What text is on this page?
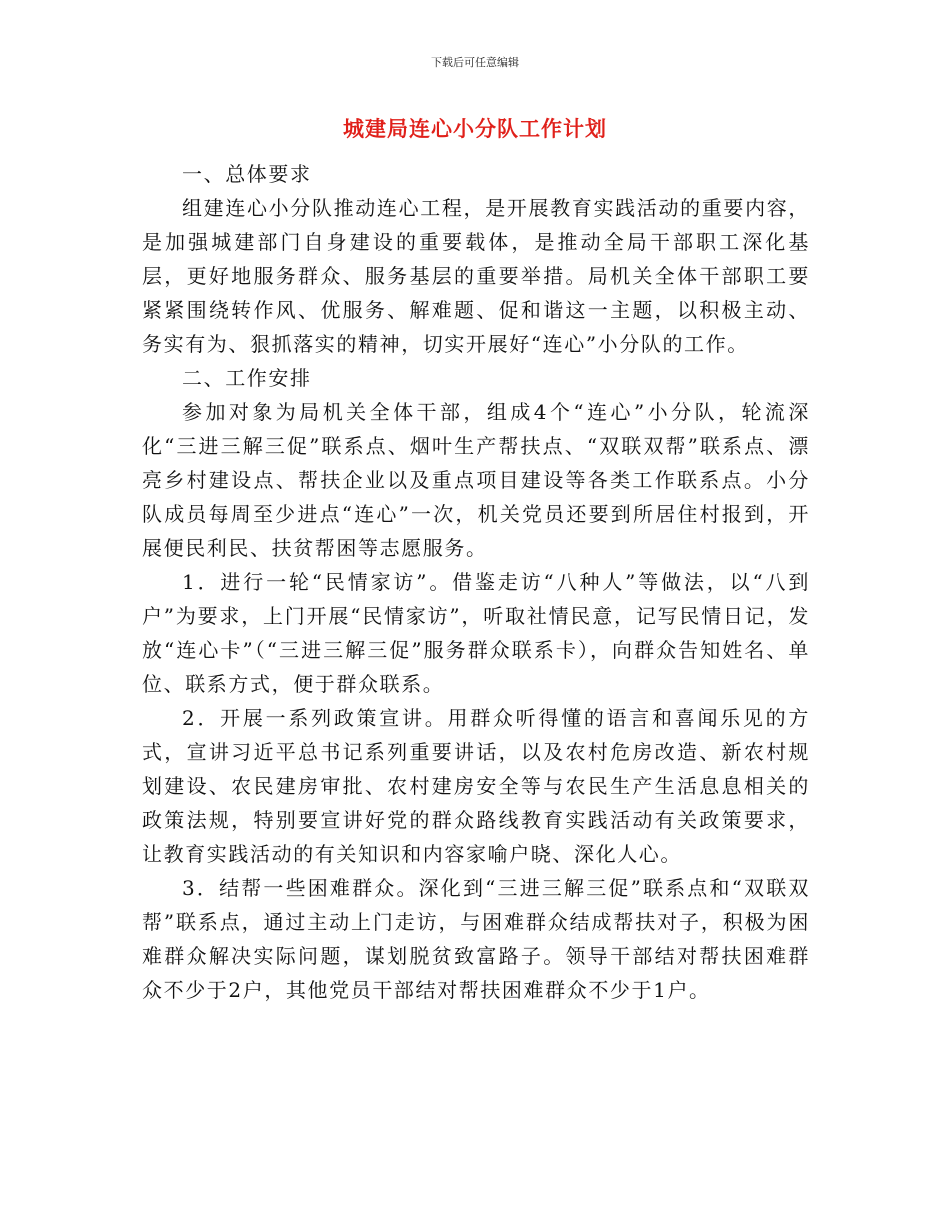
下载后可任意编辑
城建局连心小分队工作计划

一、总体要求

组建连心小分队推动连心工程，是开展教育实践活动的重要内容，是加强城建部门自身建设的重要载体，是推动全局干部职工深化基层，更好地服务群众、服务基层的重要举措。局机关全体干部职工要紧紧围绕转作风、优服务、解难题、促和谐这一主题，以积极主动、务实有为、狠抓落实的精神，切实开展好“连心”小分队的工作。

二、工作安排

参加对象为局机关全体干部，组成4个“连心”小分队，轮流深化“三进三解三促”联系点、烟叶生产帮扶点、“双联双帮”联系点、漂亮乡村建设点、帮扶企业以及重点项目建设等各类工作联系点。小分队成员每周至少进点“连心”一次，机关党员还要到所居住村报到，开展便民利民、扶贫帮困等志愿服务。

1．进行一轮“民情家访”。借鉴走访“八种人”等做法，以“八到户”为要求，上门开展“民情家访”，听取社情民意，记写民情日记，发放“连心卡”（“三进三解三促”服务群众联系卡），向群众告知姓名、单位、联系方式，便于群众联系。

2．开展一系列政策宣讲。用群众听得懂的语言和喜闻乐见的方式，宣讲习近平总书记系列重要讲话，以及农村危房改造、新农村规划建设、农民建房审批、农村建房安全等与农民生产生活息息相关的政策法规，特别要宣讲好党的群众路线教育实践活动有关政策要求，让教育实践活动的有关知识和内容家喻户晓、深化人心。

3．结帮一些困难群众。深化到“三进三解三促”联系点和“双联双帮”联系点，通过主动上门走访，与困难群众结成帮扶对子，积极为困难群众解决实际问题，谋划脱贫致富路子。领导干部结对帮扶困难群众不少于2户，其他党员干部结对帮扶困难群众不少于1户。
